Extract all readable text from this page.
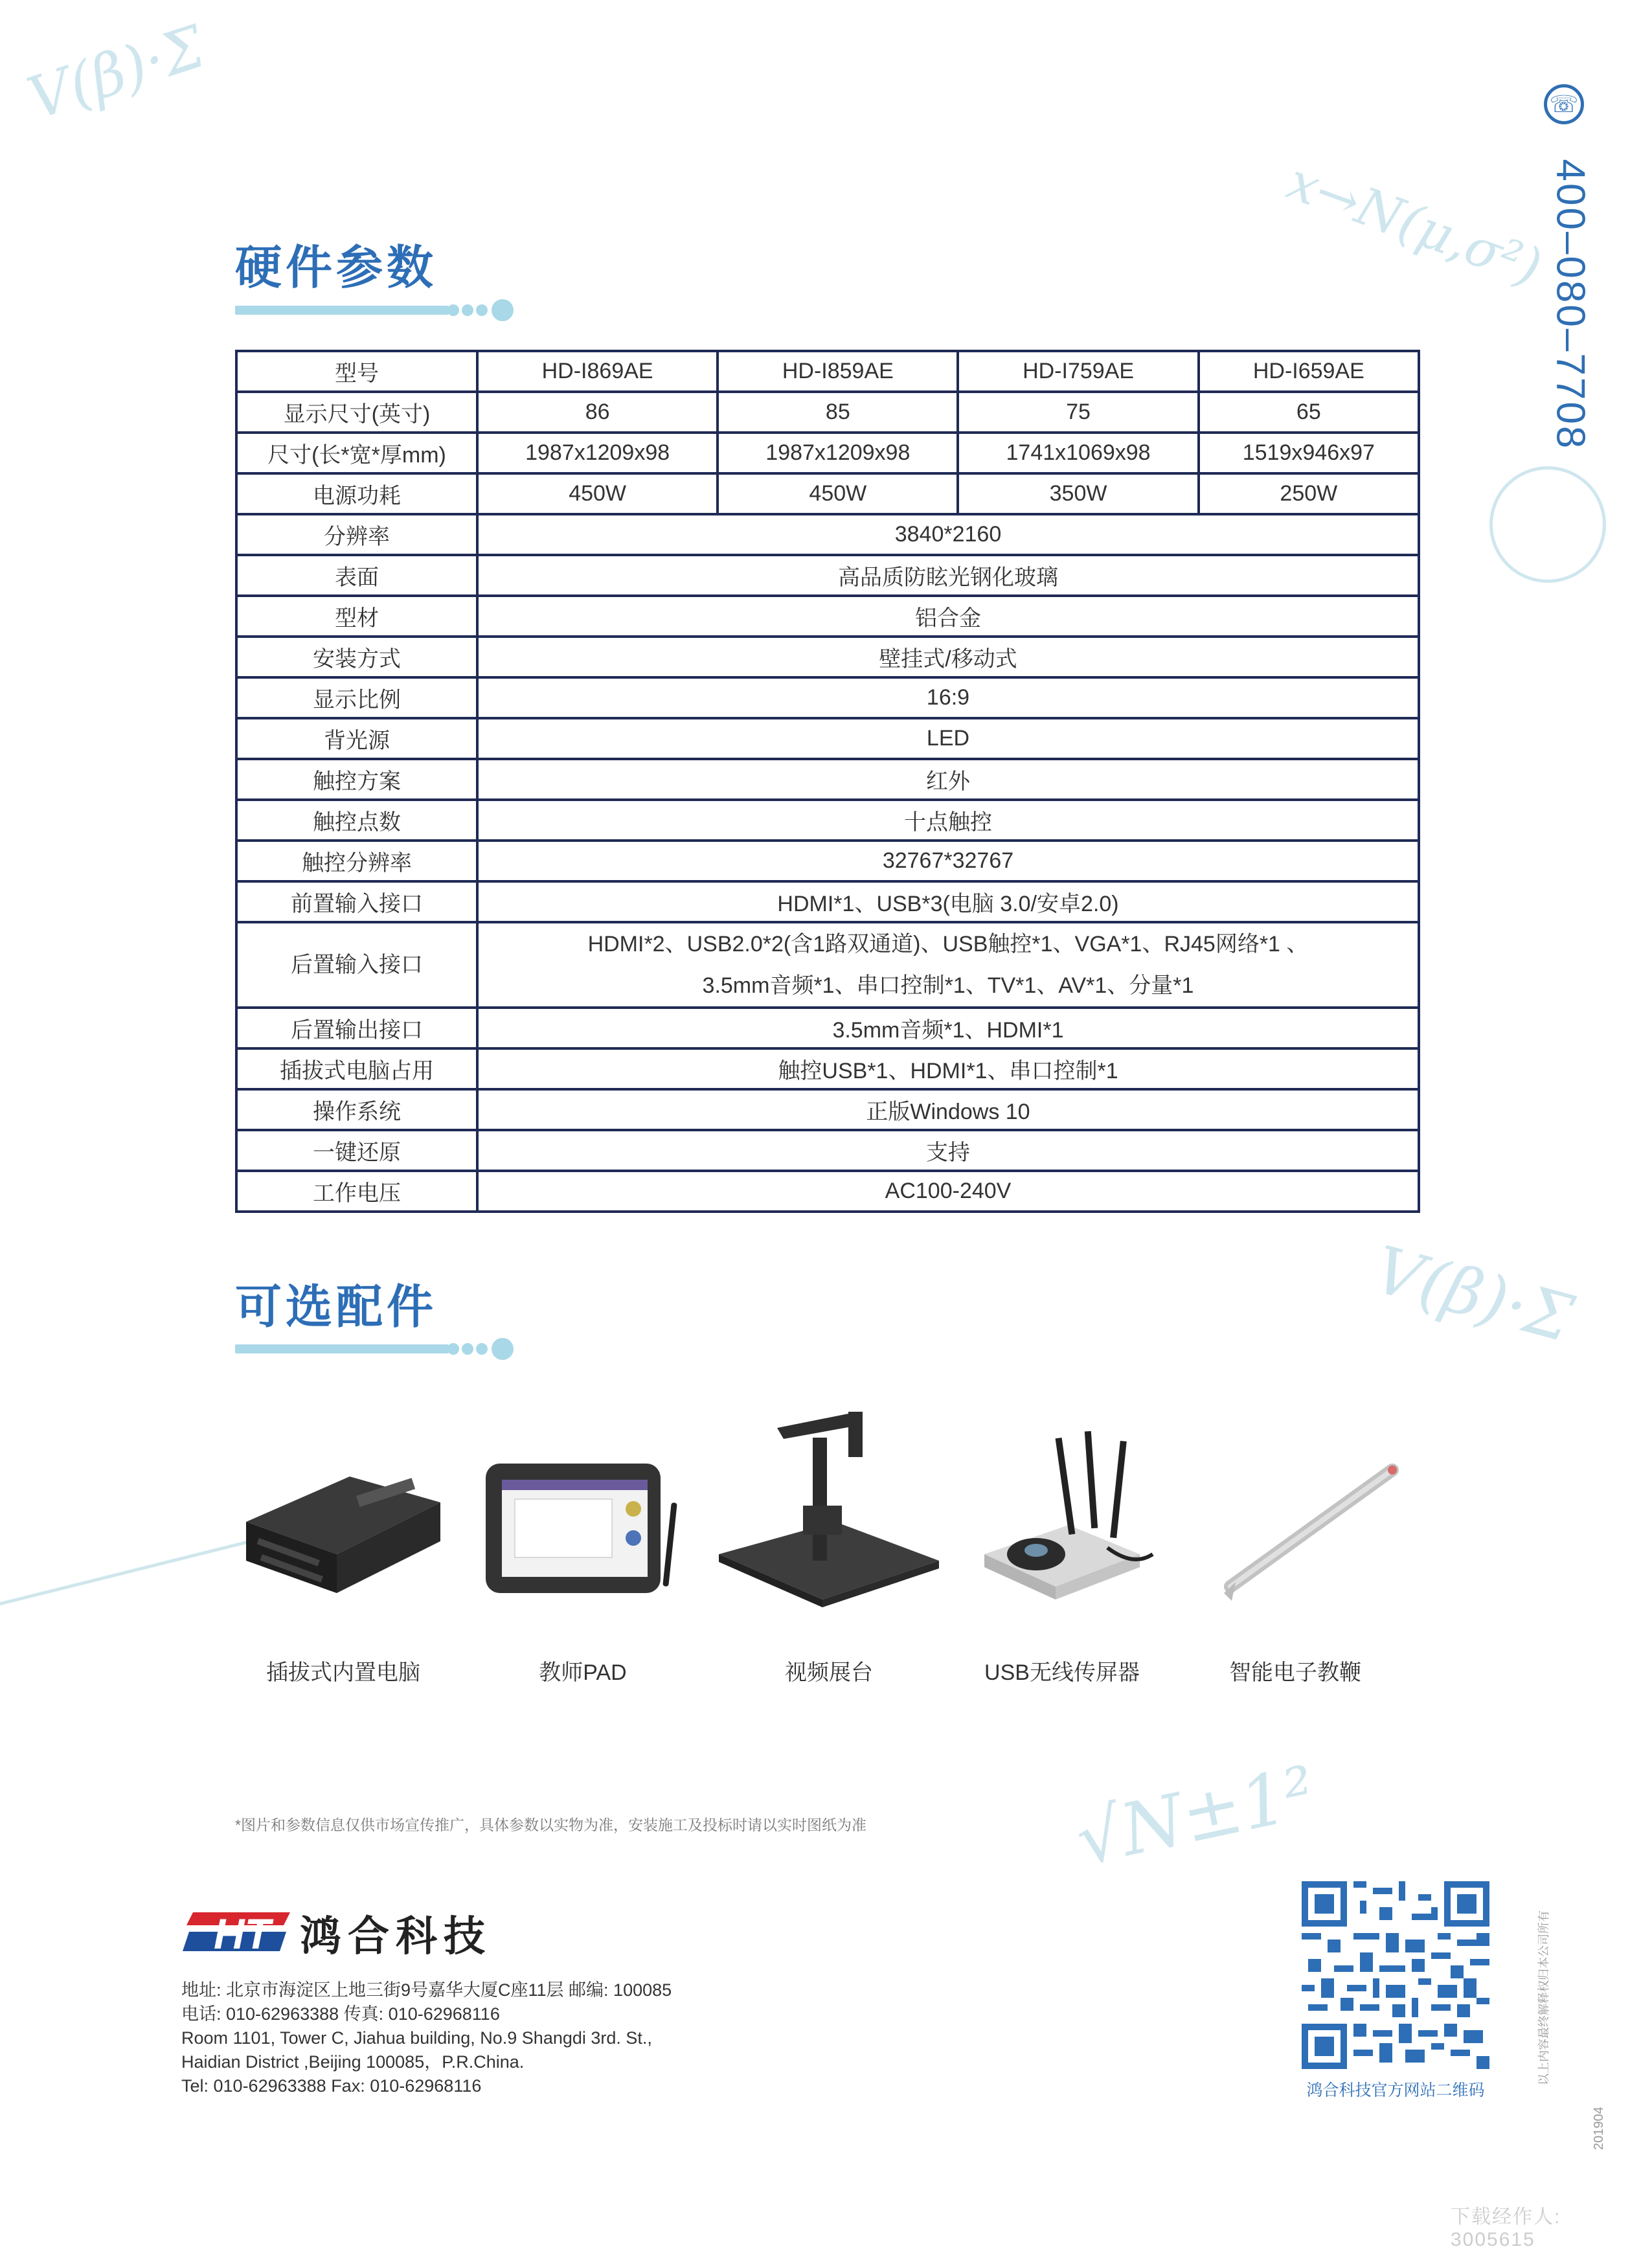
V(β)·Σ
x→N(μ,σ²)
V(β)·Σ
√N±1²
☏
400–080–7708
硬件参数
型号	HD-I869AE	HD-I859AE	HD-I759AE	HD-I659AE
显示尺寸(英寸)	86	85	75	65
尺寸(长*宽*厚mm)	1987x1209x98	1987x1209x98	1741x1069x98	1519x946x97
电源功耗	450W	450W	350W	250W
分辨率	3840*2160			
表面	高品质防眩光钢化玻璃			
型材	铝合金			
安装方式	壁挂式/移动式			
显示比例	16:9			
背光源	LED			
触控方案	红外			
触控点数	十点触控			
触控分辨率	32767*32767			
前置输入接口	HDMI*1、USB*3(电脑 3.0/安卓2.0)			
后置输入接口	HDMI*2、USB2.0*2(含1路双通道)、USB触控*1、VGA*1、RJ45网络*1 、
3.5mm音频*1、串口控制*1、TV*1、AV*1、分量*1			

后置输出接口	3.5mm音频*1、HDMI*1			
插拔式电脑占用	触控USB*1、HDMI*1、串口控制*1			
操作系统	正版Windows 10			
一键还原	支持			
工作电压	AC100-240V			
可选配件
插拔式内置电脑	教师PAD	视频展台	USB无线传屏器	智能电子教鞭
*图片和参数信息仅供市场宣传推广，具体参数以实物为准，安装施工及投标时请以实时图纸为准
HT 鸿合科技
地址: 北京市海淀区上地三街9号嘉华大厦C座11层 邮编: 100085
电话: 010-62963388 传真: 010-62968116
Room 1101, Tower C, Jiahua building, No.9 Shangdi 3rd. St.,
Haidian District ,Beijing 100085，P.R.China.
Tel: 010-62963388 Fax: 010-62968116	鸿合科技官方网站二维码
以上内容最终解释权归本公司所有
201904
下载经作人: 3005615
